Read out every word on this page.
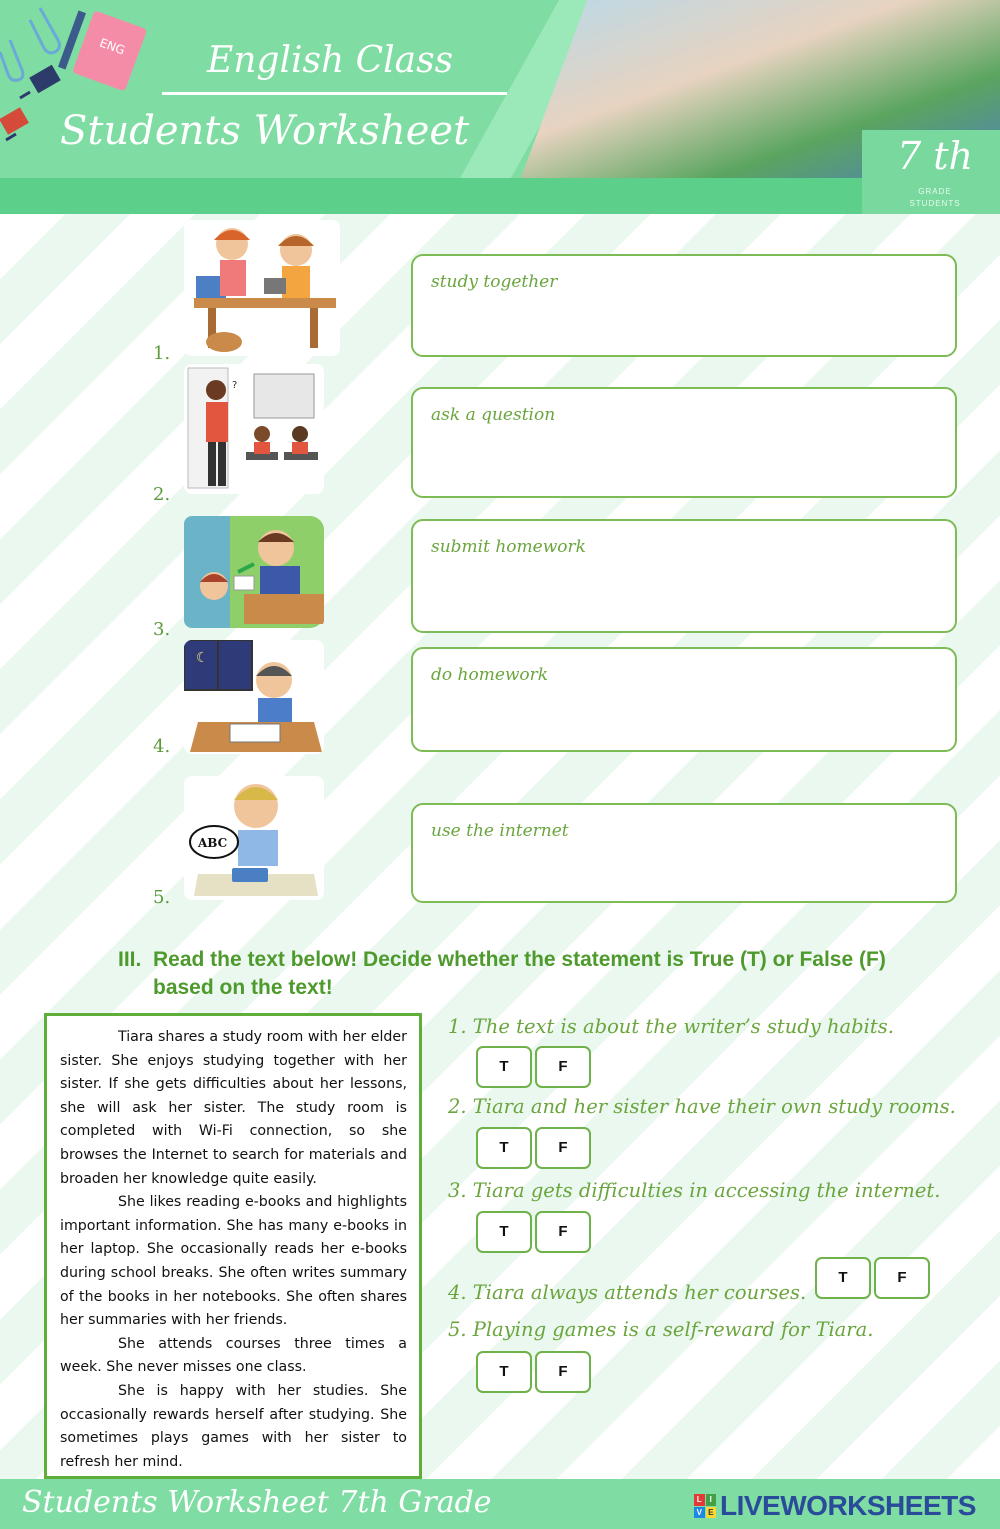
ENG	English Class
Students Worksheet
7 th
GRADE
STUDENTS
1.
?
2.
3.
☾
4.
ABC
5.
study together
ask a question
submit homework
do homework
use the internet
III. Read the text below! Decide whether the statement is True (T) or False (F) based on the text!

Tiara shares a study room with her elder sister. She enjoys studying together with her sister. If she gets difficulties about her lessons, she will ask her sister. The study room is completed with Wi-Fi connection, so she browses the Internet to search for materials and broaden her knowledge quite easily.

She likes reading e-books and highlights important information. She has many e-books in her laptop. She occasionally reads her e-books during school breaks. She often writes summary of the books in her notebooks. She often shares her summaries with her friends.

She attends courses three times a week. She never misses one class.

She is happy with her studies. She occasionally rewards herself after studying. She sometimes plays games with her sister to refresh her mind.

1. The text is about the writer’s study habits.
T	F
2. Tiara and her sister have their own study rooms.
T	F
3. Tiara gets difficulties in accessing the internet.
T	F
4. Tiara always attends her courses.
T	F
5. Playing games is a self-reward for Tiara.
T	F
Students Worksheet 7th Grade	L I
V E LIVEWORKSHEETS
